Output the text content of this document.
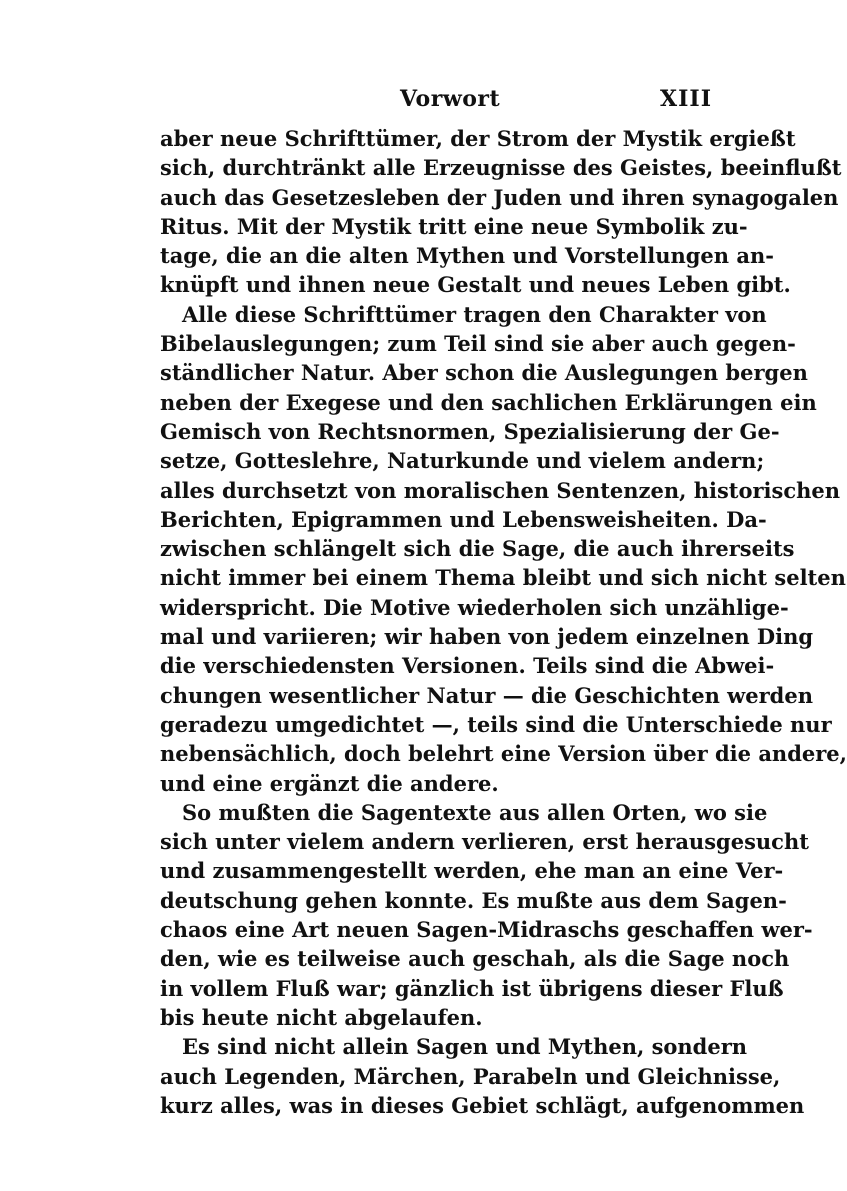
Vorwort	XIII
aber neue Schrifttümer, der Strom der Mystik ergießt
sich, durchtränkt alle Erzeugnisse des Geistes, beeinflußt
auch das Gesetzesleben der Juden und ihren synagogalen
Ritus. Mit der Mystik tritt eine neue Symbolik zu-
tage, die an die alten Mythen und Vorstellungen an-
knüpft und ihnen neue Gestalt und neues Leben gibt.
Alle diese Schrifttümer tragen den Charakter von
Bibelauslegungen; zum Teil sind sie aber auch gegen-
ständlicher Natur. Aber schon die Auslegungen bergen
neben der Exegese und den sachlichen Erklärungen ein
Gemisch von Rechtsnormen, Spezialisierung der Ge-
setze, Gotteslehre, Naturkunde und vielem andern;
alles durchsetzt von moralischen Sentenzen, historischen
Berichten, Epigrammen und Lebensweisheiten. Da-
zwischen schlängelt sich die Sage, die auch ihrerseits
nicht immer bei einem Thema bleibt und sich nicht selten
widerspricht. Die Motive wiederholen sich unzählige-
mal und variieren; wir haben von jedem einzelnen Ding
die verschiedensten Versionen. Teils sind die Abwei-
chungen wesentlicher Natur — die Geschichten werden
geradezu umgedichtet —, teils sind die Unterschiede nur
nebensächlich, doch belehrt eine Version über die andere,
und eine ergänzt die andere.
So mußten die Sagentexte aus allen Orten, wo sie
sich unter vielem andern verlieren, erst herausgesucht
und zusammengestellt werden, ehe man an eine Ver-
deutschung gehen konnte. Es mußte aus dem Sagen-
chaos eine Art neuen Sagen-Midraschs geschaffen wer-
den, wie es teilweise auch geschah, als die Sage noch
in vollem Fluß war; gänzlich ist übrigens dieser Fluß
bis heute nicht abgelaufen.
Es sind nicht allein Sagen und Mythen, sondern
auch Legenden, Märchen, Parabeln und Gleichnisse,
kurz alles, was in dieses Gebiet schlägt, aufgenommen
